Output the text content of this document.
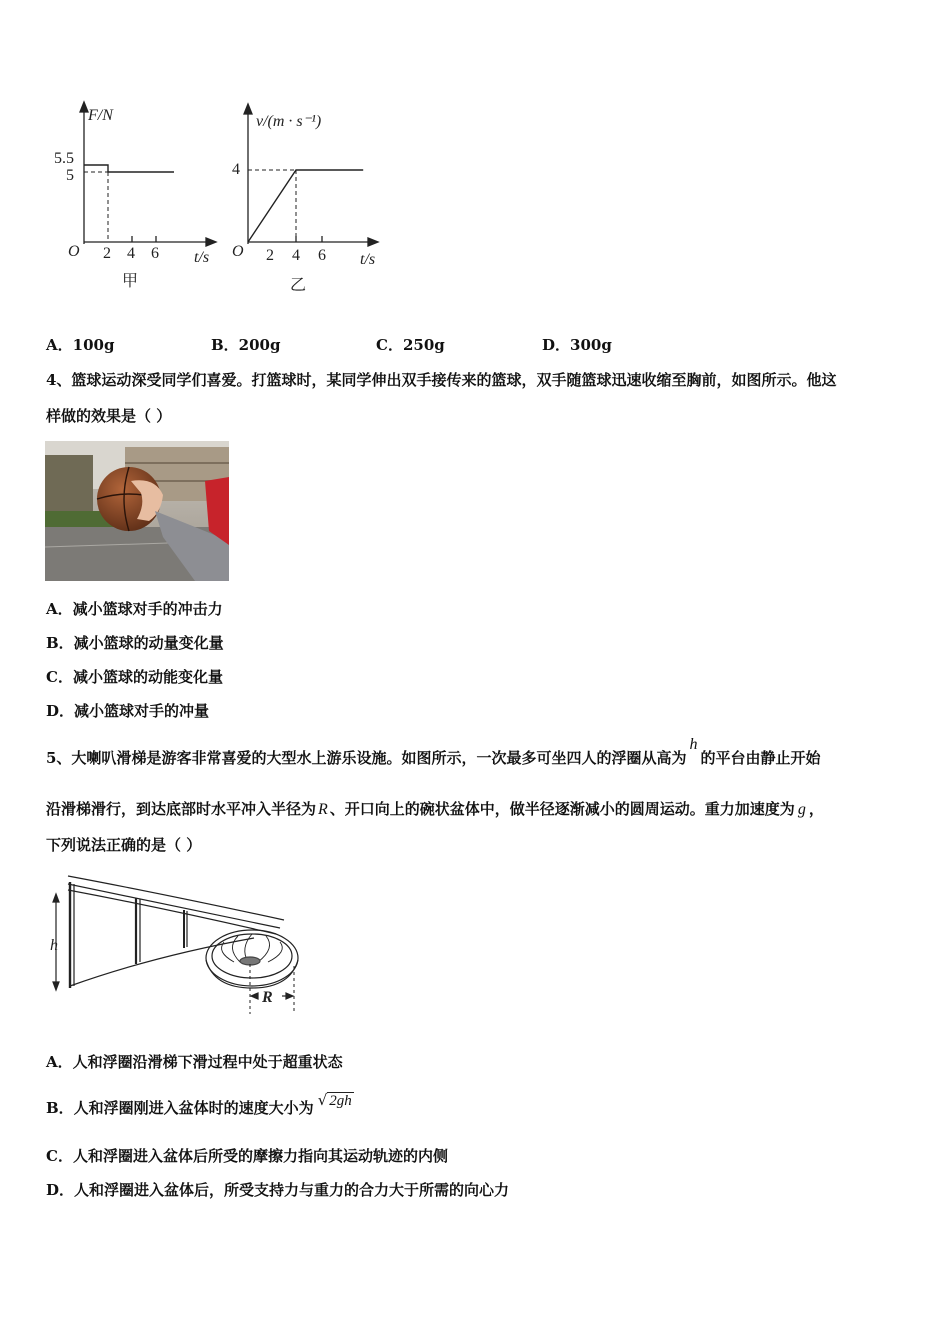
F/N
5.5
5
O 2 4 6 t/s
甲
v/(m · s⁻¹)
4
O 2 4 6 t/s
乙
A．100g	B．200g	C．250g	D．300g
4、篮球运动深受同学们喜爱。打篮球时，某同学伸出双手接传来的篮球，双手随篮球迅速收缩至胸前，如图所示。他这
样做的效果是（ ）
A．减小篮球对手的冲击力
B．减小篮球的动量变化量
C．减小篮球的动能变化量
D．减小篮球对手的冲量
5、大喇叭滑梯是游客非常喜爱的大型水上游乐设施。如图所示，一次最多可坐四人的浮圈从高为h的平台由静止开始
沿滑梯滑行，到达底部时水平冲入半径为 R 、开口向上的碗状盆体中，做半径逐渐减小的圆周运动。重力加速度为 g ，
下列说法正确的是（ ）
h
R
A．人和浮圈沿滑梯下滑过程中处于超重状态
B．人和浮圈刚进入盆体时的速度大小为 √ 2gh
C．人和浮圈进入盆体后所受的摩擦力指向其运动轨迹的内侧
D．人和浮圈进入盆体后，所受支持力与重力的合力大于所需的向心力
